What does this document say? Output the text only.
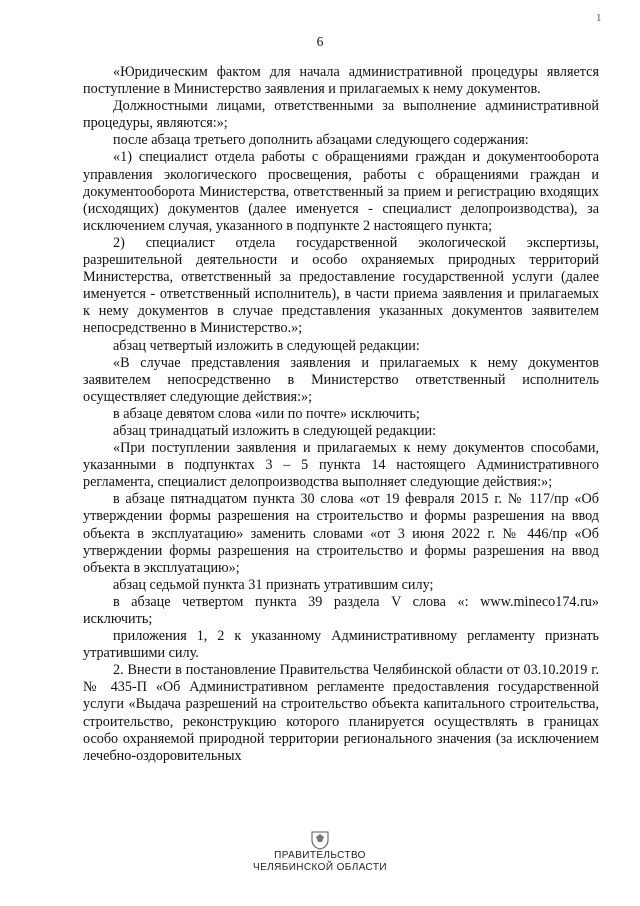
1
6

«Юридическим фактом для начала административной процедуры является поступление в Министерство заявления и прилагаемых к нему документов.

Должностными лицами, ответственными за выполнение административной процедуры, являются:»;

после абзаца третьего дополнить абзацами следующего содержания:

«1) специалист отдела работы с обращениями граждан и документооборота управления экологического просвещения, работы с обращениями граждан и документооборота Министерства, ответственный за прием и регистрацию входящих (исходящих) документов (далее именуется - специалист делопроизводства), за исключением случая, указанного в подпункте 2 настоящего пункта;

2) специалист отдела государственной экологической экспертизы, разрешительной деятельности и особо охраняемых природных территорий Министерства, ответственный за предоставление государственной услуги (далее именуется - ответственный исполнитель), в части приема заявления и прилагаемых к нему документов в случае представления указанных документов заявителем непосредственно в Министерство.»;

абзац четвертый изложить в следующей редакции:

«В случае представления заявления и прилагаемых к нему документов заявителем непосредственно в Министерство ответственный исполнитель осуществляет следующие действия:»;

в абзаце девятом слова «или по почте» исключить;

абзац тринадцатый изложить в следующей редакции:

«При поступлении заявления и прилагаемых к нему документов способами, указанными в подпунктах 3 – 5 пункта 14 настоящего Административного регламента, специалист делопроизводства выполняет следующие действия:»;

в абзаце пятнадцатом пункта 30 слова «от 19 февраля 2015 г. № 117/пр «Об утверждении формы разрешения на строительство и формы разрешения на ввод объекта в эксплуатацию» заменить словами «от 3 июня 2022 г. № 446/пр «Об утверждении формы разрешения на строительство и формы разрешения на ввод объекта в эксплуатацию»;

абзац седьмой пункта 31 признать утратившим силу;

в абзаце четвертом пункта 39 раздела V слова «: www.mineco174.ru» исключить;

приложения 1, 2 к указанному Административному регламенту признать утратившими силу.

2. Внести в постановление Правительства Челябинской области от 03.10.2019 г. № 435-П «Об Административном регламенте предоставления государственной услуги «Выдача разрешений на строительство объекта капитального строительства, строительство, реконструкцию которого планируется осуществлять в границах особо охраняемой природной территории регионального значения (за исключением лечебно-оздоровительных

ПРАВИТЕЛЬСТВО
ЧЕЛЯБИНСКОЙ ОБЛАСТИ
